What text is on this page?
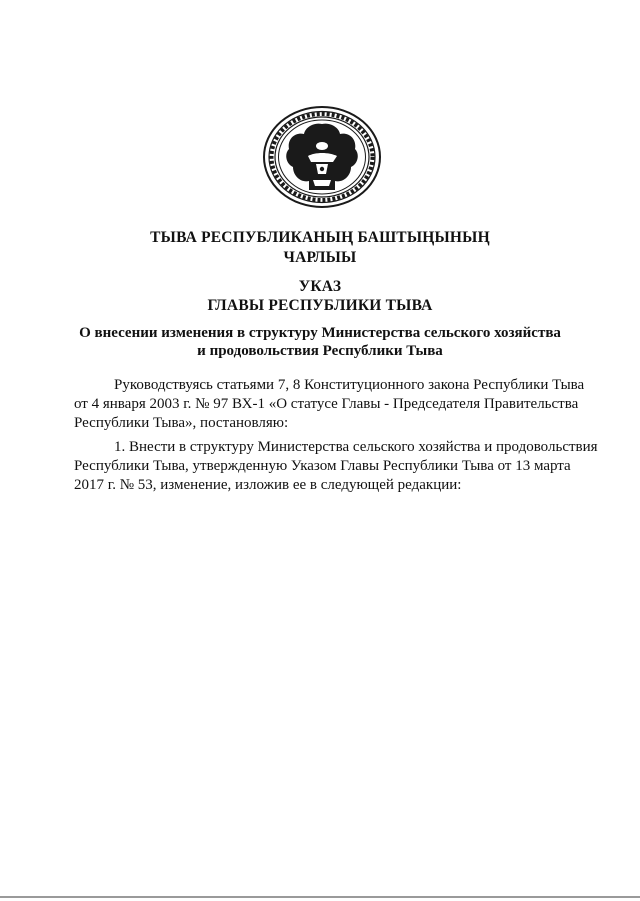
ТЫВА РЕСПУБЛИКАНЫҢ БАШТЫҢЫНЫҢ
ЧАРЛЫЫ
УКАЗ
ГЛАВЫ РЕСПУБЛИКИ ТЫВА
О внесении изменения в структуру Министерства сельского хозяйства
и продовольствия Республики Тыва
Руководствуясь статьями 7, 8 Конституционного закона Республики Тыва
от 4 января 2003 г. № 97 ВХ-1 «О статусе Главы - Председателя Правительства
Республики Тыва», постановляю:
1. Внести в структуру Министерства сельского хозяйства и продовольствия
Республики Тыва, утвержденную Указом Главы Республики Тыва от 13 марта
2017 г. № 53, изменение, изложив ее в следующей редакции:
